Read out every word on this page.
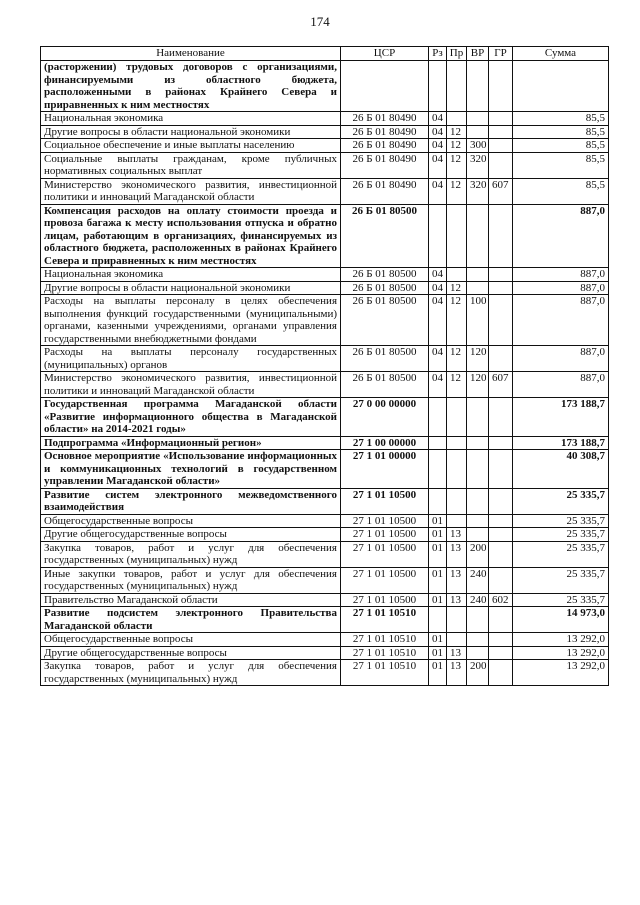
174
Наименование	ЦСР	Рз	Пр	ВР	ГР	Сумма
(расторжении) трудовых договоров с организациями, финансируемыми из областного бюджета, расположенными в районах Крайнего Севера и приравненных к ним местностях						
Национальная экономика	26 Б 01 80490	04				85,5
Другие вопросы в области национальной экономики	26 Б 01 80490	04	12			85,5
Социальное обеспечение и иные выплаты населению	26 Б 01 80490	04	12	300		85,5
Социальные выплаты гражданам, кроме публичных нормативных социальных выплат	26 Б 01 80490	04	12	320		85,5
Министерство экономического развития, инвестиционной политики и инноваций Магаданской области	26 Б 01 80490	04	12	320	607	85,5
Компенсация расходов на оплату стоимости проезда и провоза багажа к месту использования отпуска и обратно лицам, работающим в организациях, финансируемых из областного бюджета, расположенных в районах Крайнего Севера и приравненных к ним местностях	26 Б 01 80500					887,0
Национальная экономика	26 Б 01 80500	04				887,0
Другие вопросы в области национальной экономики	26 Б 01 80500	04	12			887,0
Расходы на выплаты персоналу в целях обеспечения выполнения функций государственными (муниципальными) органами, казенными учреждениями, органами управления государственными внебюджетными фондами	26 Б 01 80500	04	12	100		887,0
Расходы на выплаты персоналу государственных (муниципальных) органов	26 Б 01 80500	04	12	120		887,0
Министерство экономического развития, инвестиционной политики и инноваций Магаданской области	26 Б 01 80500	04	12	120	607	887,0
Государственная программа Магаданской области «Развитие информационного общества в Магаданской области» на 2014-2021 годы»	27 0 00 00000					173 188,7
Подпрограмма «Информационный регион»	27 1 00 00000					173 188,7
Основное мероприятие «Использование информационных и коммуникационных технологий в государственном управлении Магаданской области»	27 1 01 00000					40 308,7
Развитие систем электронного межведомственного взаимодействия	27 1 01 10500					25 335,7
Общегосударственные вопросы	27 1 01 10500	01				25 335,7
Другие общегосударственные вопросы	27 1 01 10500	01	13			25 335,7
Закупка товаров, работ и услуг для обеспечения государственных (муниципальных) нужд	27 1 01 10500	01	13	200		25 335,7
Иные закупки товаров, работ и услуг для обеспечения государственных (муниципальных) нужд	27 1 01 10500	01	13	240		25 335,7
Правительство Магаданской области	27 1 01 10500	01	13	240	602	25 335,7
Развитие подсистем электронного Правительства Магаданской области	27 1 01 10510					14 973,0
Общегосударственные вопросы	27 1 01 10510	01				13 292,0
Другие общегосударственные вопросы	27 1 01 10510	01	13			13 292,0
Закупка товаров, работ и услуг для обеспечения государственных (муниципальных) нужд	27 1 01 10510	01	13	200		13 292,0
